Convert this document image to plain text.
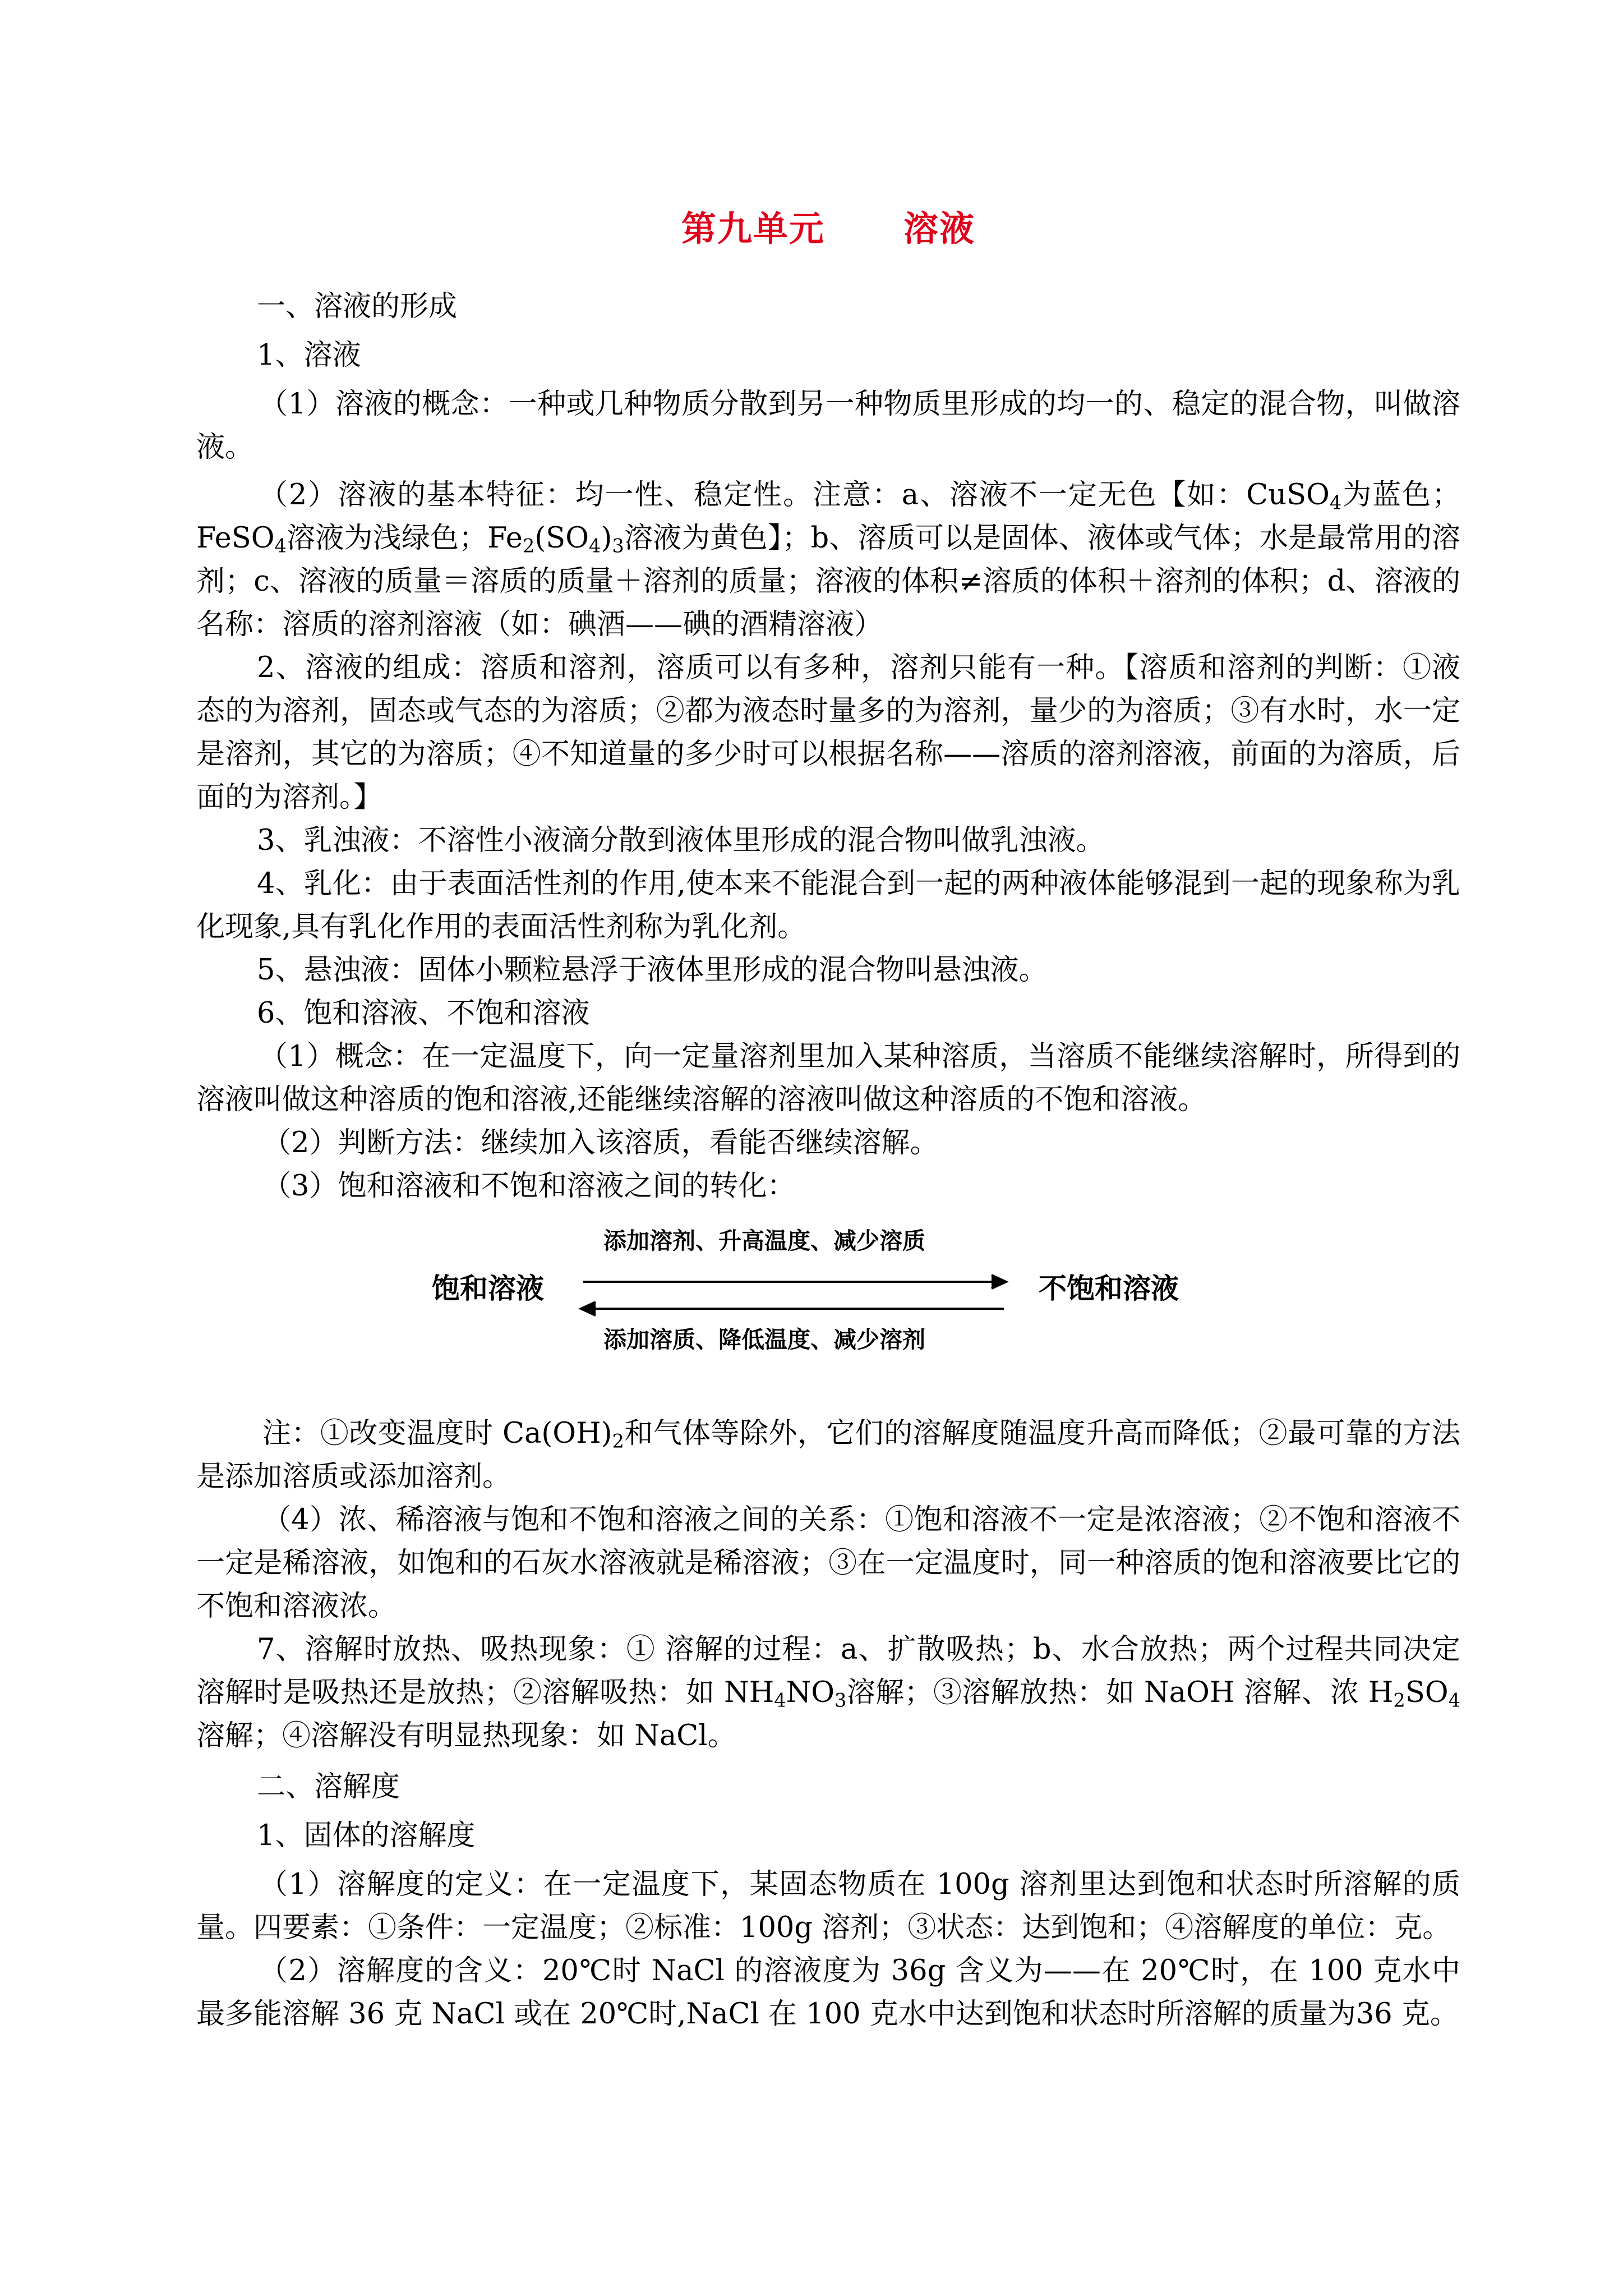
第九单元 溶液

一、溶液的形成

1、溶液

（1）溶液的概念：一种或几种物质分散到另一种物质里形成的均一的、稳定的混合物，叫做溶液。

（2）溶液的基本特征：均一性、稳定性。注意：a、溶液不一定无色【如：CuSO$_4$为蓝色；FeSO$_4$溶液为浅绿色；$Fe_2(SO_4)_3$溶液为黄色】；b、溶质可以是固体、液体或气体；水是最常用的溶剂；c、溶液的质量＝溶质的质量＋溶剂的质量；溶液的体积≠溶质的体积＋溶剂的体积；d、溶液的名称：溶质的溶剂溶液（如：碘酒——碘的酒精溶液）

2、溶液的组成：溶质和溶剂，溶质可以有多种，溶剂只能有一种。【溶质和溶剂的判断：①液态的为溶剂，固态或气态的为溶质；②都为液态时量多的为溶剂，量少的为溶质；③有水时，水一定是溶剂，其它的为溶质；④不知道量的多少时可以根据名称——溶质的溶剂溶液，前面的为溶质，后面的为溶剂。】

3、乳浊液：不溶性小液滴分散到液体里形成的混合物叫做乳浊液。

4、乳化：由于表面活性剂的作用,使本来不能混合到一起的两种液体能够混到一起的现象称为乳化现象,具有乳化作用的表面活性剂称为乳化剂。

5、悬浊液：固体小颗粒悬浮于液体里形成的混合物叫悬浊液。

6、饱和溶液、不饱和溶液

（1）概念：在一定温度下，向一定量溶剂里加入某种溶质，当溶质不能继续溶解时，所得到的溶液叫做这种溶质的饱和溶液,还能继续溶解的溶液叫做这种溶质的不饱和溶液。

（2）判断方法：继续加入该溶质，看能否继续溶解。

（3）饱和溶液和不饱和溶液之间的转化：

添加溶剂、升高温度、减少溶质
饱和溶液	不饱和溶液
添加溶质、降低温度、减少溶剂

注：①改变温度时 $Ca(OH)_2$和气体等除外，它们的溶解度随温度升高而降低；②最可靠的方法是添加溶质或添加溶剂。

（4）浓、稀溶液与饱和不饱和溶液之间的关系：①饱和溶液不一定是浓溶液；②不饱和溶液不一定是稀溶液，如饱和的石灰水溶液就是稀溶液；③在一定温度时，同一种溶质的饱和溶液要比它的不饱和溶液浓。

7、溶解时放热、吸热现象：① 溶解的过程：a、扩散吸热；b、水合放热；两个过程共同决定溶解时是吸热还是放热；②溶解吸热：如 $NH_4NO_3$溶解；③溶解放热：如 NaOH 溶解、浓 $H_2SO_4$溶解；④溶解没有明显热现象：如 NaCl。

二、溶解度

1、固体的溶解度

（1）溶解度的定义：在一定温度下，某固态物质在 100g 溶剂里达到饱和状态时所溶解的质量。四要素：①条件：一定温度；②标准：100g 溶剂；③状态：达到饱和；④溶解度的单位：克。

（2）溶解度的含义：20℃时 NaCl 的溶液度为 36g 含义为——在 20℃时，在 100 克水中最多能溶解 36 克 NaCl 或在 20℃时,NaCl 在 100 克水中达到饱和状态时所溶解的质量为36 克。
